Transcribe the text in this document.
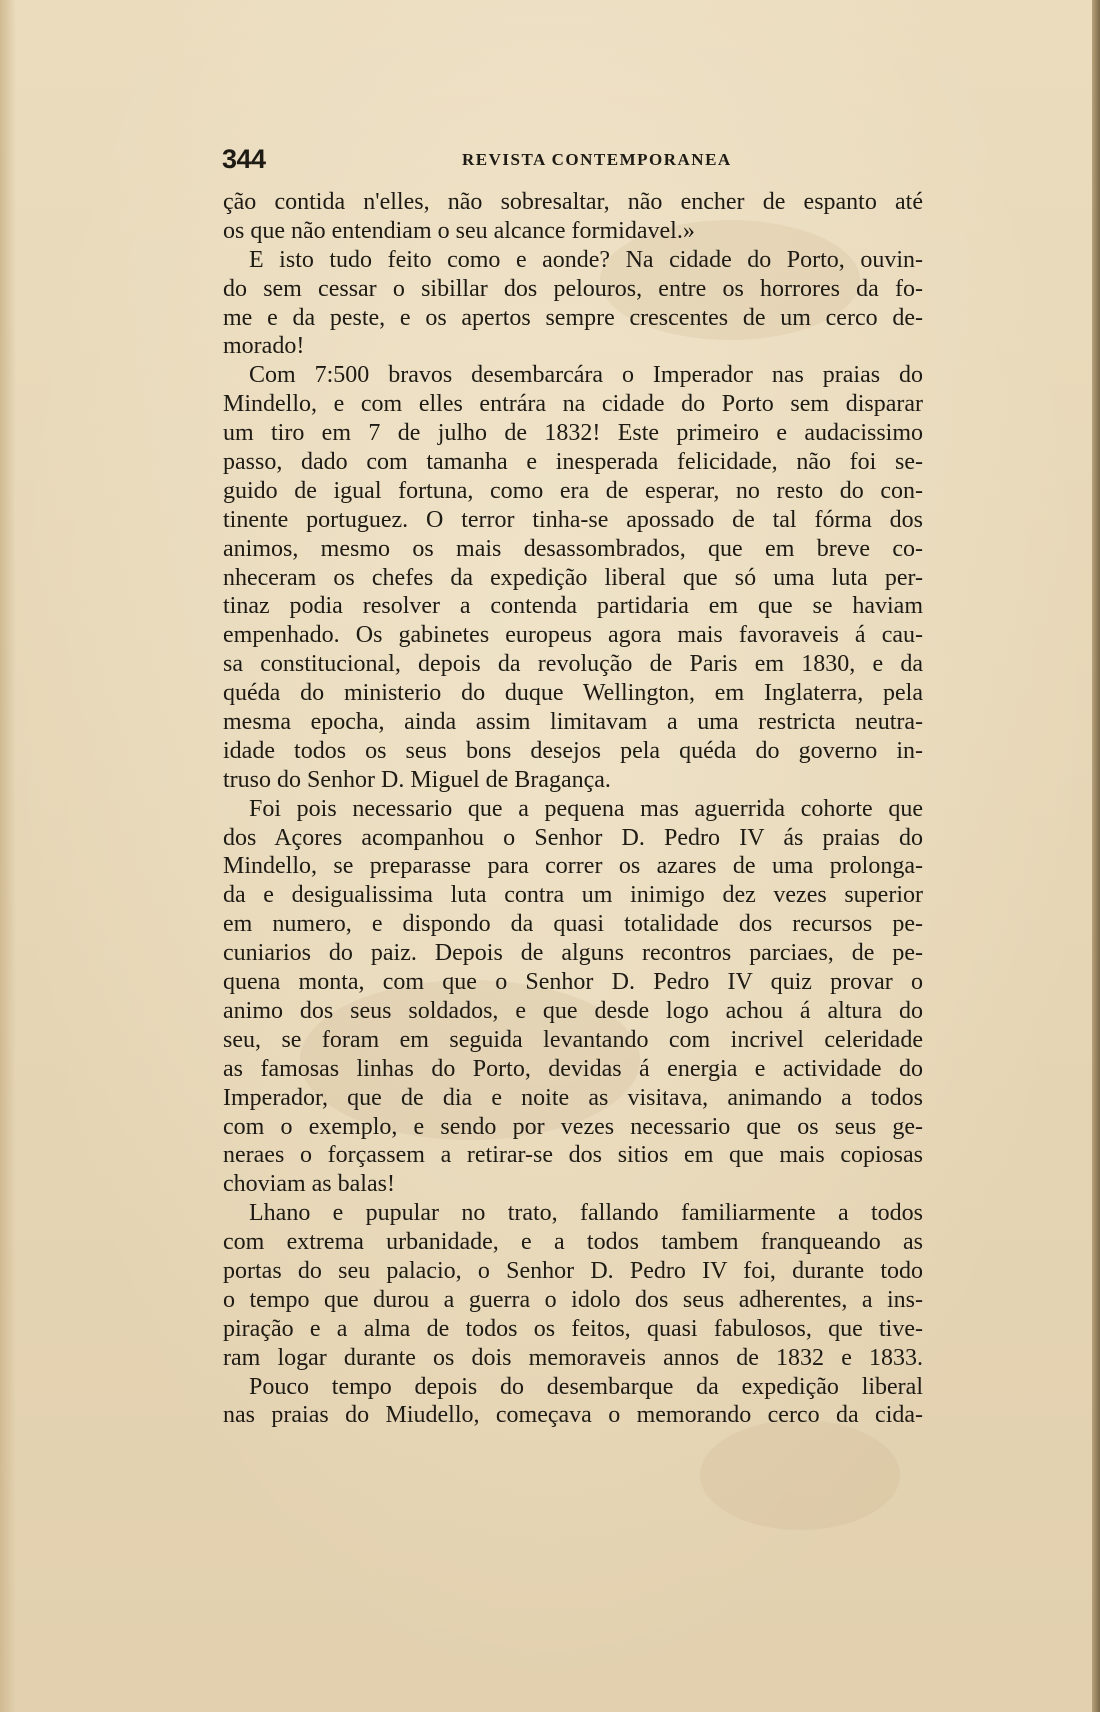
344	REVISTA CONTEMPORANEA
ção contida n'elles, não sobresaltar, não encher de espanto até
os que não entendiam o seu alcance formidavel.»
E isto tudo feito como e aonde? Na cidade do Porto, ouvin-
do sem cessar o sibillar dos pelouros, entre os horrores da fo-
me e da peste, e os apertos sempre crescentes de um cerco de-
morado!
Com 7:500 bravos desembarcára o Imperador nas praias do
Mindello, e com elles entrára na cidade do Porto sem disparar
um tiro em 7 de julho de 1832! Este primeiro e audacissimo
passo, dado com tamanha e inesperada felicidade, não foi se-
guido de igual fortuna, como era de esperar, no resto do con-
tinente portuguez. O terror tinha-se apossado de tal fórma dos
animos, mesmo os mais desassombrados, que em breve co-
nheceram os chefes da expedição liberal que só uma luta per-
tinaz podia resolver a contenda partidaria em que se haviam
empenhado. Os gabinetes europeus agora mais favoraveis á cau-
sa constitucional, depois da revolução de Paris em 1830, e da
quéda do ministerio do duque Wellington, em Inglaterra, pela
mesma epocha, ainda assim limitavam a uma restricta neutra-
idade todos os seus bons desejos pela quéda do governo in-
truso do Senhor D. Miguel de Bragança.
Foi pois necessario que a pequena mas aguerrida cohorte que
dos Açores acompanhou o Senhor D. Pedro IV ás praias do
Mindello, se preparasse para correr os azares de uma prolonga-
da e desigualissima luta contra um inimigo dez vezes superior
em numero, e dispondo da quasi totalidade dos recursos pe-
cuniarios do paiz. Depois de alguns recontros parciaes, de pe-
quena monta, com que o Senhor D. Pedro IV quiz provar o
animo dos seus soldados, e que desde logo achou á altura do
seu, se foram em seguida levantando com incrivel celeridade
as famosas linhas do Porto, devidas á energia e actividade do
Imperador, que de dia e noite as visitava, animando a todos
com o exemplo, e sendo por vezes necessario que os seus ge-
neraes o forçassem a retirar-se dos sitios em que mais copiosas
choviam as balas!
Lhano e pupular no trato, fallando familiarmente a todos
com extrema urbanidade, e a todos tambem franqueando as
portas do seu palacio, o Senhor D. Pedro IV foi, durante todo
o tempo que durou a guerra o idolo dos seus adherentes, a ins-
piração e a alma de todos os feitos, quasi fabulosos, que tive-
ram logar durante os dois memoraveis annos de 1832 e 1833.
Pouco tempo depois do desembarque da expedição liberal
nas praias do Miudello, começava o memorando cerco da cida-
